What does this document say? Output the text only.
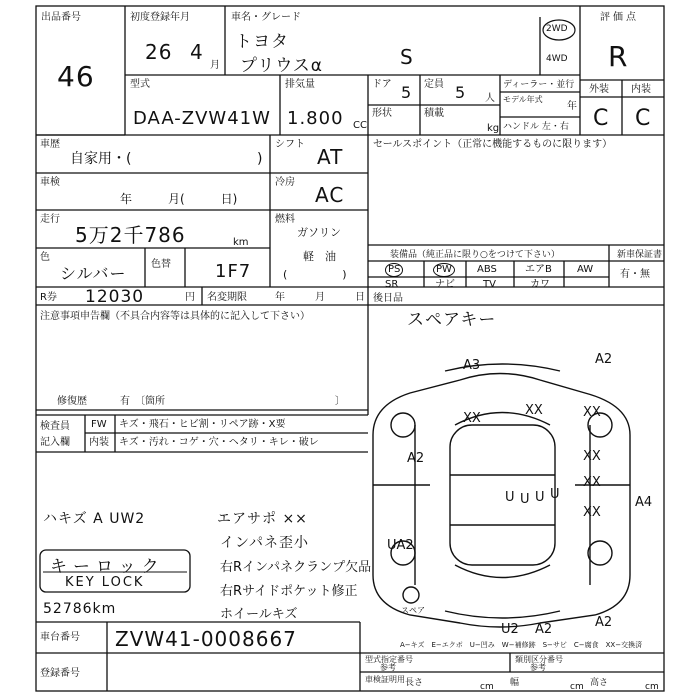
出品番号
46
初度登録年月
26 4
月
車名・グレード
トヨタ
プリウスα	S
2WD
4WD
評価点
R
型式
DAA-ZVW41W
排気量
1.800 CC
ドア 5 定員 5 人
形状	積載
kg
ディーラー・並行
モデル年式
年
ハンドル 左・右
外装 内装
C C
車歴
自家用・(	)
シフト
AT
セールスポイント（正常に機能するものに限ります）
車検
年　　　月(　　　日)
冷房
AC
走行
5万2千786	km
燃料
ガソリン
軽　油
(　　　　　)
色
シルバー 色替 1F7
装備品（純正品に限り○をつけて下さい）	新車保証書
有・無
PS	PW	ABS	エアB	AW
SR	ナビ	TV	カワ
R券 12030	円 名変期限	年　　　月　　　日 後日品
スペアキー
注意事項申告欄（不具合内容等は具体的に記入して下さい）
修復歴	有　〔箇所	〕
検査員
記入欄
FW キズ・飛石・ヒビ割・リペア跡・X要
内装 キズ・汚れ・コゲ・穴・ヘタリ・キレ・破レ
ハキズ A UW2	エアサポ ××
インパネ歪小
右Rインパネクランプ欠品
右Rサイドポケット修正
ホイールキズ
キーロック
KEY LOCK
52786km
車台番号 ZVW41-0008667
登録番号
A−キズ　E−エクボ　U−凹み　W−補修跡　S−サビ　C−腐食　XX−交換済
型式指定番号
参考
類別区分番号
参考
車検証明用 長さ	cm 幅	cm 高さ	cm
スペア
A3	A2
XX
XX	XX
A2	XX
XX
XX
A4
U U U U
UA2
U2 A2	A2
